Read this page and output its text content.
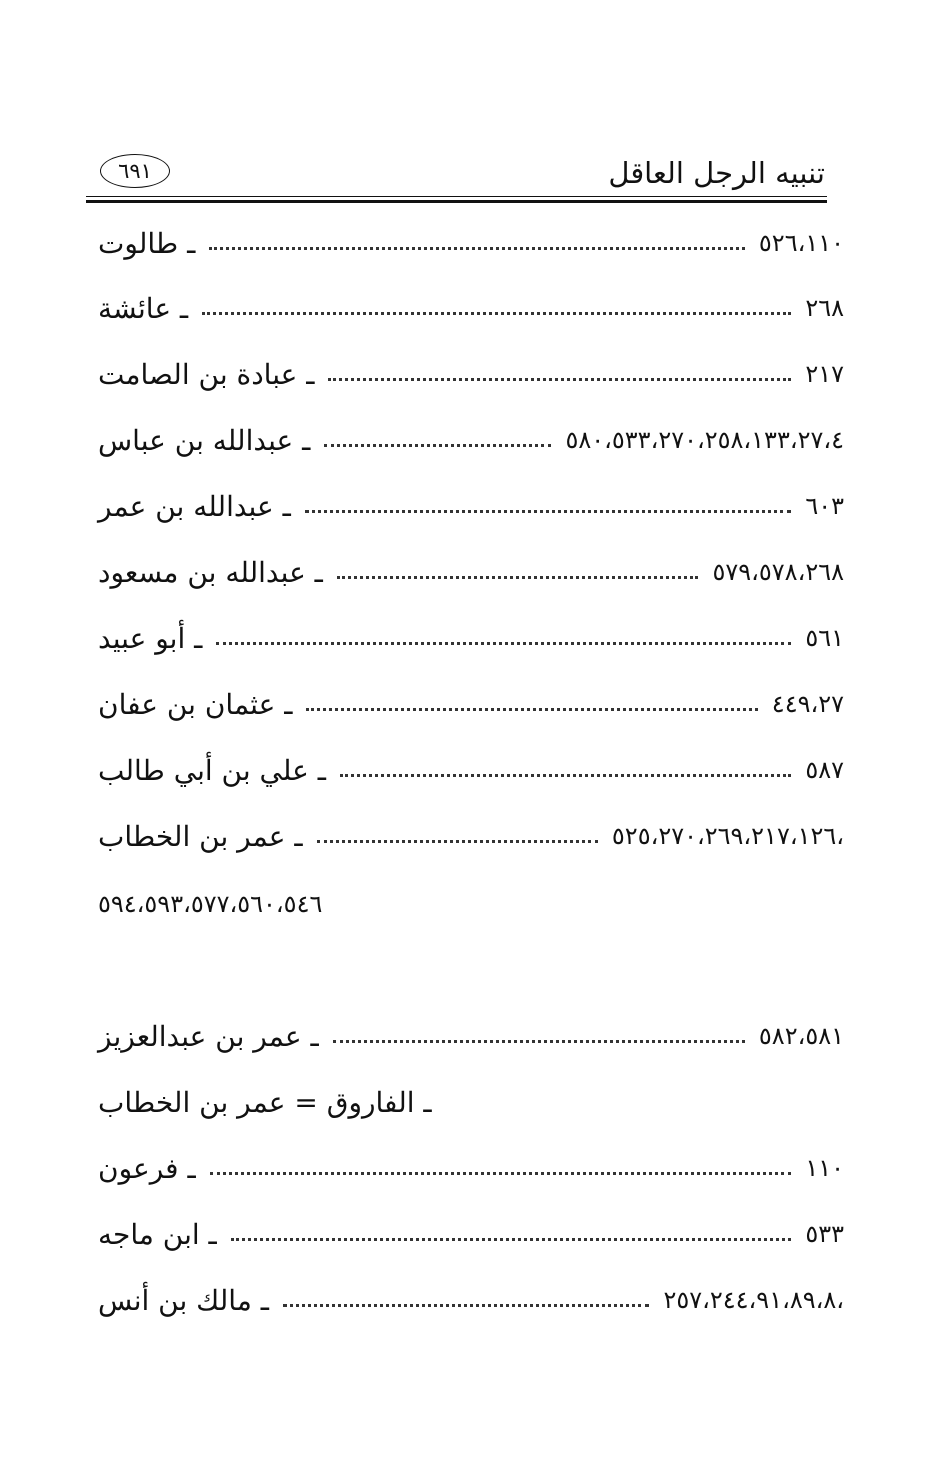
تنبيه الرجل العاقل
٦٩١
ـ طالوت	٥٢٦،١١٠
ـ عائشة	٢٦٨
ـ عبادة بن الصامت	٢١٧
ـ عبدالله بن عباس	٥٨٠،٥٣٣،٢٧٠،٢٥٨،١٣٣،٢٧،٤
ـ عبدالله بن عمر	٦٠٣
ـ عبدالله بن مسعود	٥٧٩،٥٧٨،٢٦٨
ـ أبو عبيد	٥٦١
ـ عثمان بن عفان	٤٤٩،٢٧
ـ علي بن أبي طالب	٥٨٧
ـ عمر بن الخطاب	،٥٢٥،٢٧٠،٢٦٩،٢١٧،١٢٦
٥٩٤،٥٩٣،٥٧٧،٥٦٠،٥٤٦
ـ عمر بن عبدالعزيز	٥٨٢،٥٨١
ـ الفاروق = عمر بن الخطاب
ـ فرعون	١١٠
ـ ابن ماجه	٥٣٣
ـ مالك بن أنس	،٢٥٧،٢٤٤،٩١،٨٩،٨
